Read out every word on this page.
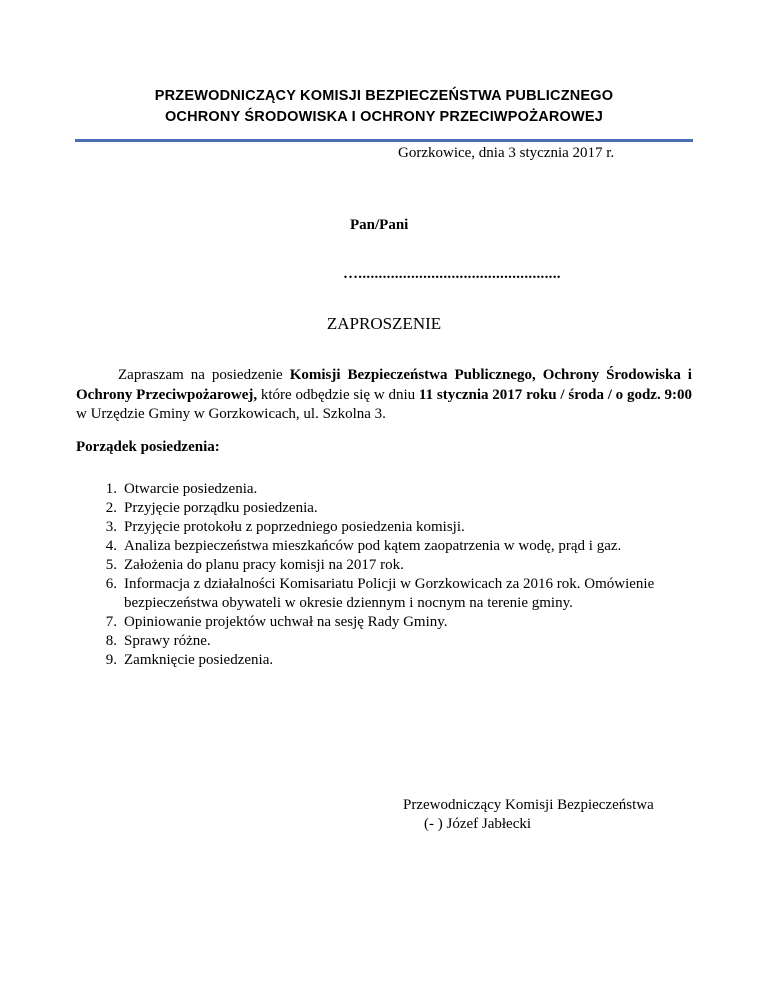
PRZEWODNICZĄCY KOMISJI BEZPIECZEŃSTWA PUBLICZNEGO
OCHRONY ŚRODOWISKA I OCHRONY PRZECIWPOŻAROWEJ
Gorzkowice, dnia 3 stycznia 2017 r.
Pan/Pani
…..................................................
ZAPROSZENIE
Zapraszam na posiedzenie Komisji Bezpieczeństwa Publicznego, Ochrony Środowiska i Ochrony Przeciwpożarowej, które odbędzie się w dniu 11 stycznia 2017 roku / środa / o godz. 9:00 w Urzędzie Gminy w Gorzkowicach, ul. Szkolna 3.
Porządek posiedzenia:
1. Otwarcie posiedzenia.
2. Przyjęcie porządku posiedzenia.
3. Przyjęcie protokołu z poprzedniego posiedzenia komisji.
4. Analiza bezpieczeństwa mieszkańców pod kątem zaopatrzenia w wodę, prąd i gaz.
5. Założenia do planu pracy komisji na 2017 rok.
6. Informacja z działalności Komisariatu Policji w Gorzkowicach za 2016 rok. Omówienie bezpieczeństwa obywateli w okresie dziennym i nocnym na terenie gminy.
7. Opiniowanie projektów uchwał na sesję Rady Gminy.
8. Sprawy różne.
9. Zamknięcie posiedzenia.
Przewodniczący Komisji Bezpieczeństwa
(- ) Józef Jabłecki
